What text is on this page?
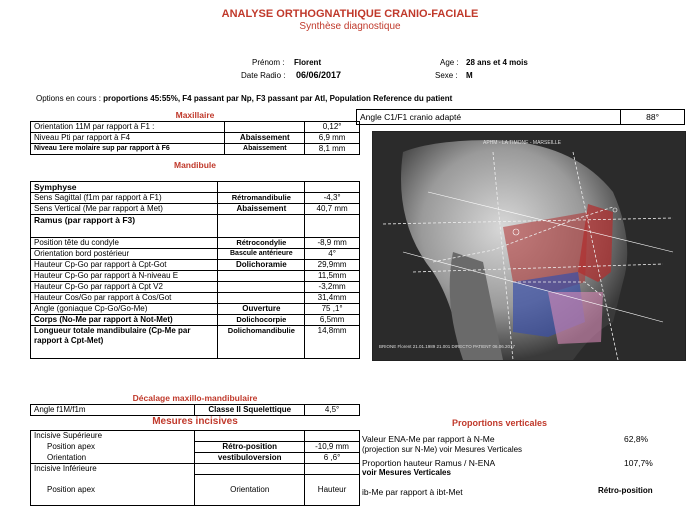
ANALYSE ORTHOGNATHIQUE CRANIO-FACIALE
Synthèse diagnostique
Prénom : Florent	Age : 28 ans et 4 mois
Date Radio : 06/06/2017	Sexe : M
Options en cours : proportions 45:55%, F4 passant par Np, F3 passant par Atl, Population Reference du patient
Maxillaire
Orientation 11M par rapport à F1 :		0,12°
Niveau Pti par rapport à F4	Abaissement	6,9 mm
Niveau 1ere molaire sup par rapport à F6	Abaissement	8,1 mm
Mandibule
Symphyse		
Sens Sagittal (f1m par rapport à F1)	Rétromandibulie	-4,3°
Sens Vertical (Me par rapport à Met)	Abaissement	40,7 mm
Ramus (par rapport à F3)		
Position tête du condyle	Rétrocondylie	-8,9 mm
Orientation bord postérieur	Bascule antérieure	4°
Hauteur Cp-Go par rapport à Cpt-Got	Dolichoramie	29,9mm
Hauteur Cp-Go par rapport à N-niveau E		11,5mm
Hauteur Cp-Go par rapport à Cpt V2		-3,2mm
Hauteur Cos/Go par rapport à Cos/Got		31,4mm
Angle (goniaque Cp-Go/Go-Me)	Ouverture	75 ,1°
Corps (No-Me par rapport à Not-Met)	Dolichocorpie	6,5mm
Longueur totale mandibulaire (Cp-Me par rapport à Cpt-Met)	Dolichomandibulie	14,8mm
Décalage maxillo-mandibulaire
Angle f1M/f1m	Classe II Squelettique	4,5°
Mesures incisives
Incisive Supérieure		
Position apex	Rétro-position	-10,9 mm
Orientation	vestibuloversion	6 ,6°
Incisive Inférieure		
Position apex	Orientation	Hauteur
Angle C1/F1 cranio adapté	88°
APHM - LA TIMONE - MARSEILLE
BRIONE Florent 21.01.1989 21.001 DIRECTO PATIENT 06.06.2017
Proportions verticales
Valeur ENA-Me par rapport à N-Me
(projection sur N-Me) voir Mesures Verticales
62,8%
Proportion hauteur Ramus / N-ENA
voir Mesures Verticales
107,7%
ib-Me par rapport à ibt-Met	Rétro-position
